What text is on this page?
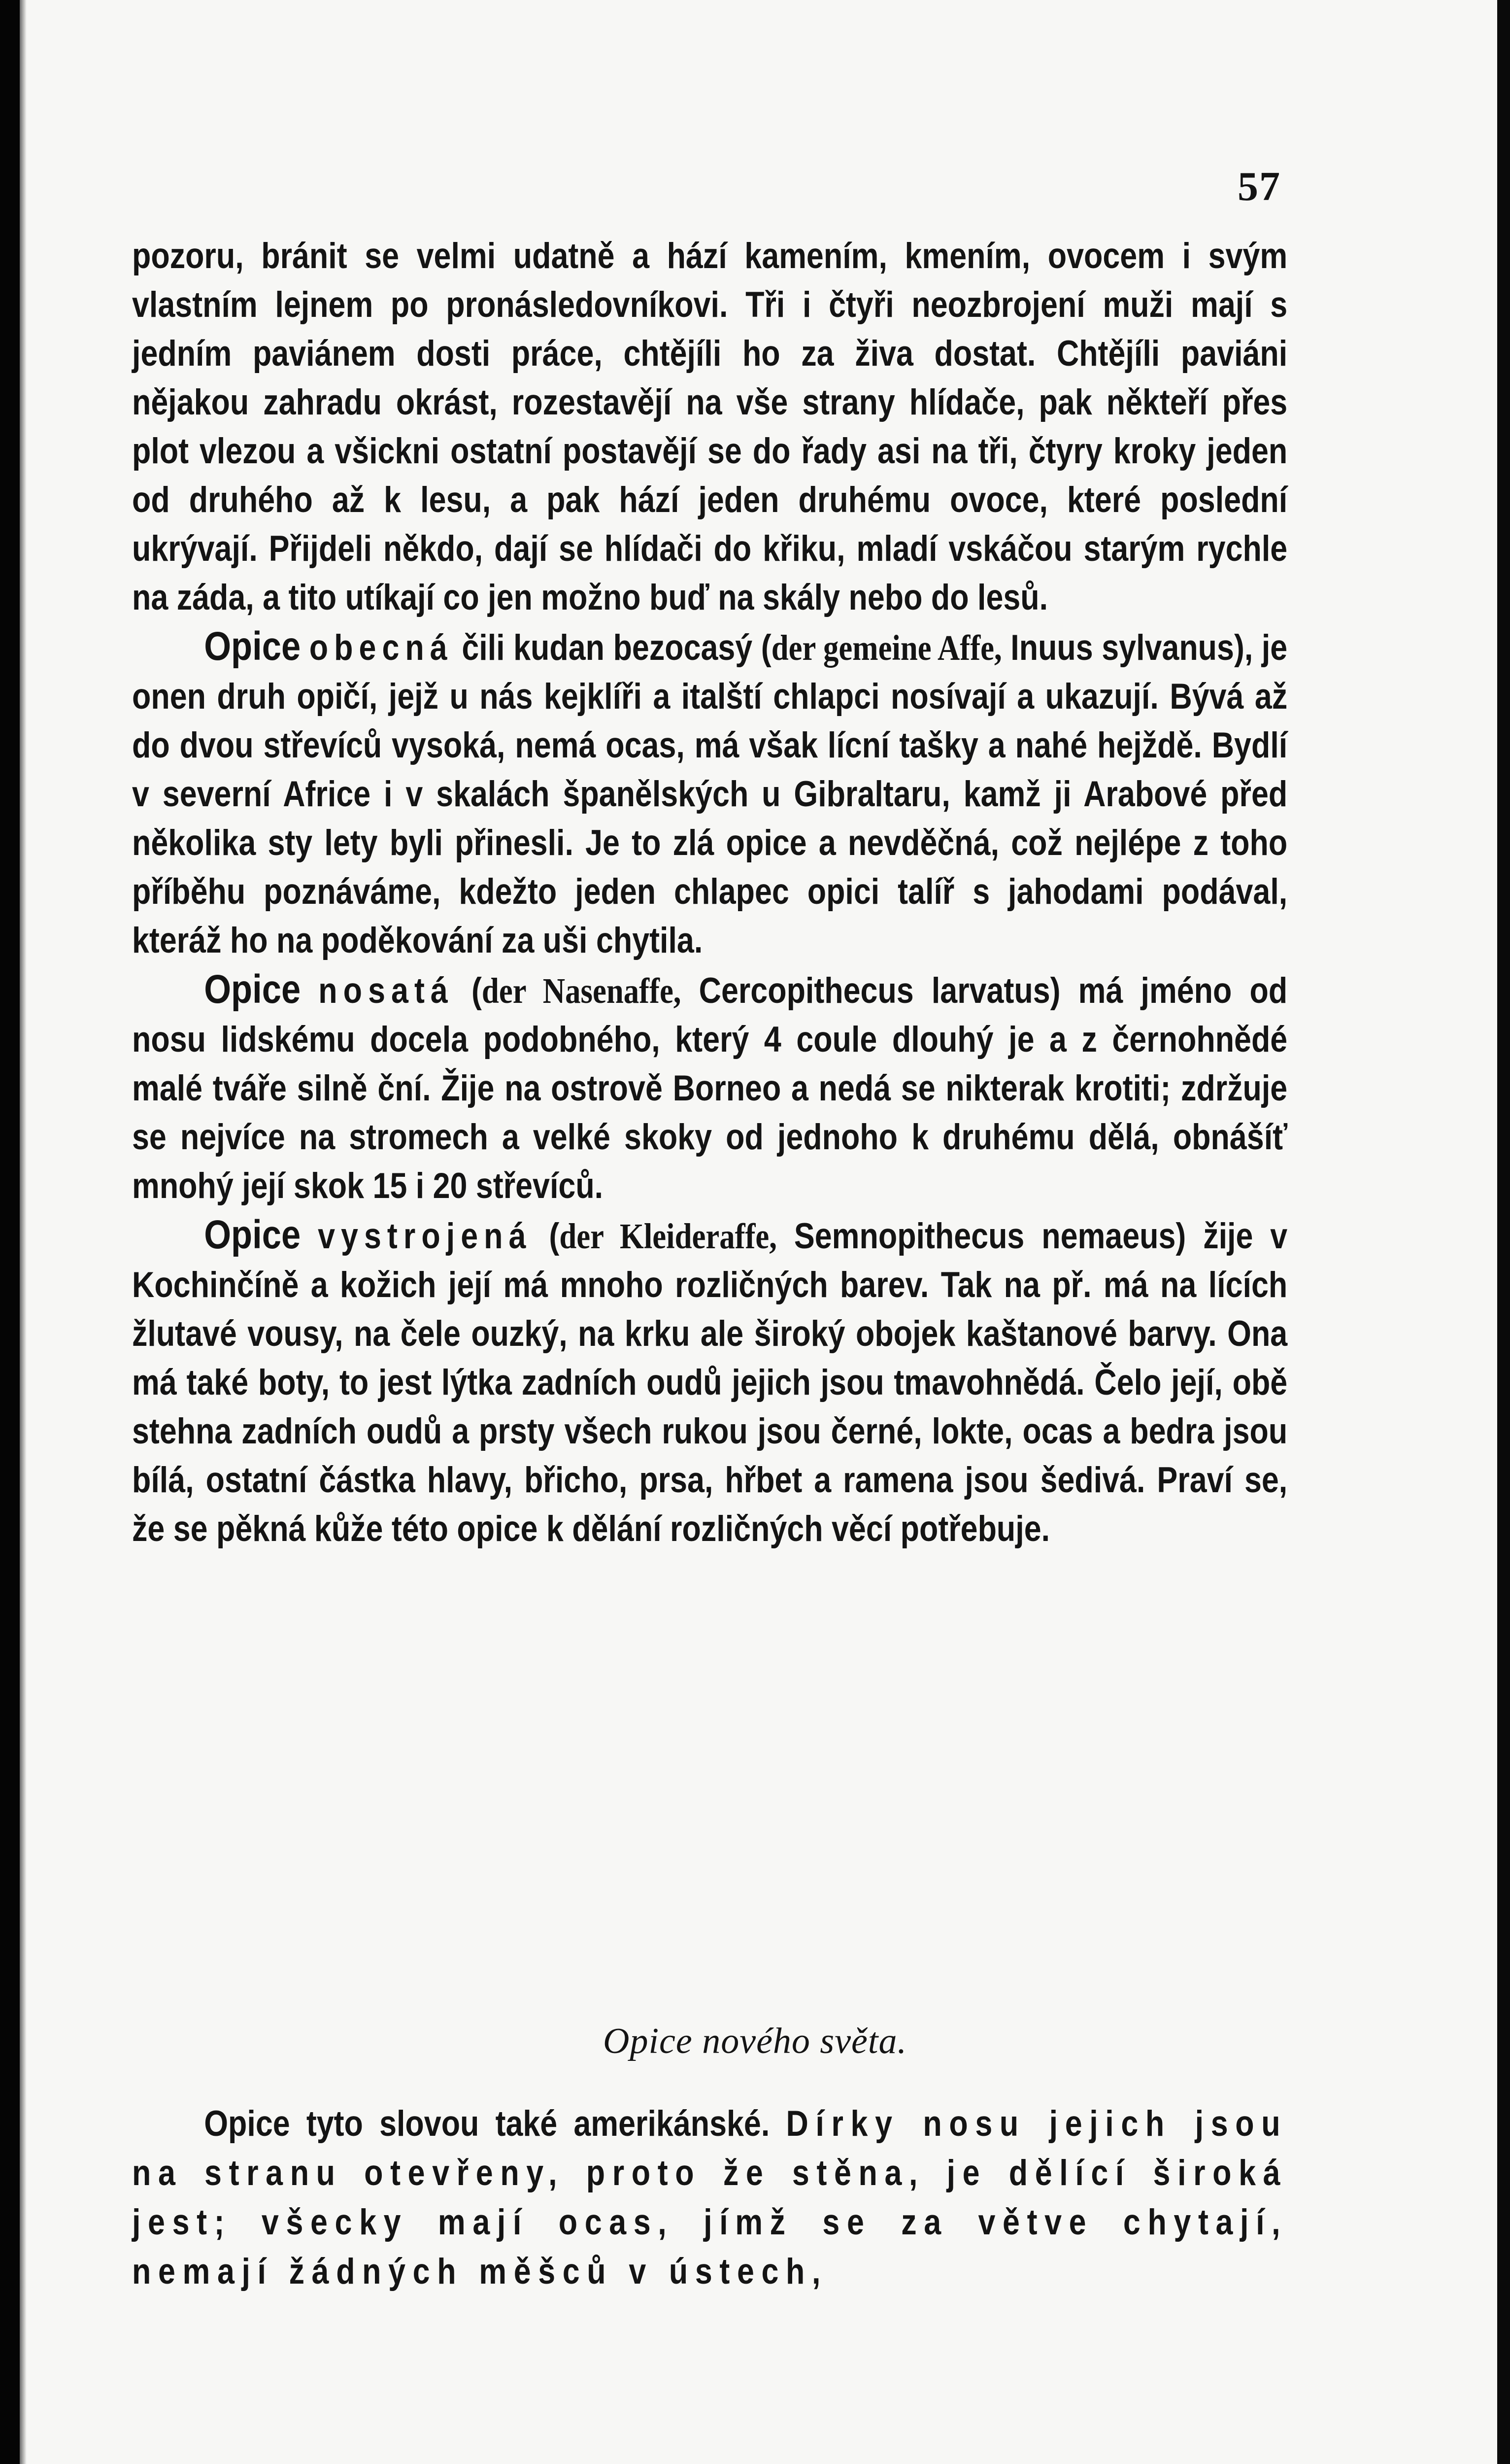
57

pozoru, bránit se velmi udatně a hází kamením, kmením, ovocem i svým vlastním lejnem po pronásledovníkovi. Tři i čtyři neozbrojení muži mají s jedním paviánem dosti práce, chtějíli ho za živa dostat. Chtějíli paviáni nějakou zahradu okrást, rozestavějí na vše strany hlídače, pak někteří přes plot vlezou a všickni ostatní postavějí se do řady asi na tři, čtyry kroky jeden od druhého až k lesu, a pak hází jeden druhému ovoce, které poslední ukrývají. Přijdeli někdo, dají se hlídači do křiku, mladí vskáčou starým rychle na záda, a tito utíkají co jen možno buď na skály nebo do lesů.

Opice obecná čili kudan bezocasý (der gemeine Affe, Inuus sylvanus), je onen druh opičí, jejž u nás kejklíři a italští chlapci nosívají a ukazují. Bývá až do dvou střevíců vysoká, nemá ocas, má však lícní tašky a nahé hejždě. Bydlí v severní Africe i v skalách španělských u Gibraltaru, kamž ji Arabové před několika sty lety byli přinesli. Je to zlá opice a nevděčná, což nejlépe z toho příběhu poznáváme, kdežto jeden chlapec opici talíř s jahodami podával, kteráž ho na poděkování za uši chytila.

Opice nosatá (der Nasenaffe, Cercopithecus larvatus) má jméno od nosu lidskému docela podobného, který 4 coule dlouhý je a z černohnědé malé tváře silně ční. Žije na ostrově Borneo a nedá se nikterak krotiti; zdržuje se nejvíce na stromech a velké skoky od jednoho k druhému dělá, obnášíť mnohý její skok 15 i 20 střevíců.

Opice vystrojená (der Kleideraffe, Semnopithecus nemaeus) žije v Kochinčíně a kožich její má mnoho rozličných barev. Tak na př. má na lících žlutavé vousy, na čele ouzký, na krku ale široký obojek kaštanové barvy. Ona má také boty, to jest lýtka zadních oudů jejich jsou tmavohnědá. Čelo její, obě stehna zadních oudů a prsty všech rukou jsou černé, lokte, ocas a bedra jsou bílá, ostatní částka hlavy, břicho, prsa, hřbet a ramena jsou šedivá. Praví se, že se pěkná kůže této opice k dělání rozličných věcí potřebuje.

Opice nového světa.

Opice tyto slovou také amerikánské. Dírky nosu jejich jsou na stranu otevřeny, proto že stěna, je dělící široká jest; všecky mají ocas, jímž se za větve chytají, nemají žádných měšců v ústech,
